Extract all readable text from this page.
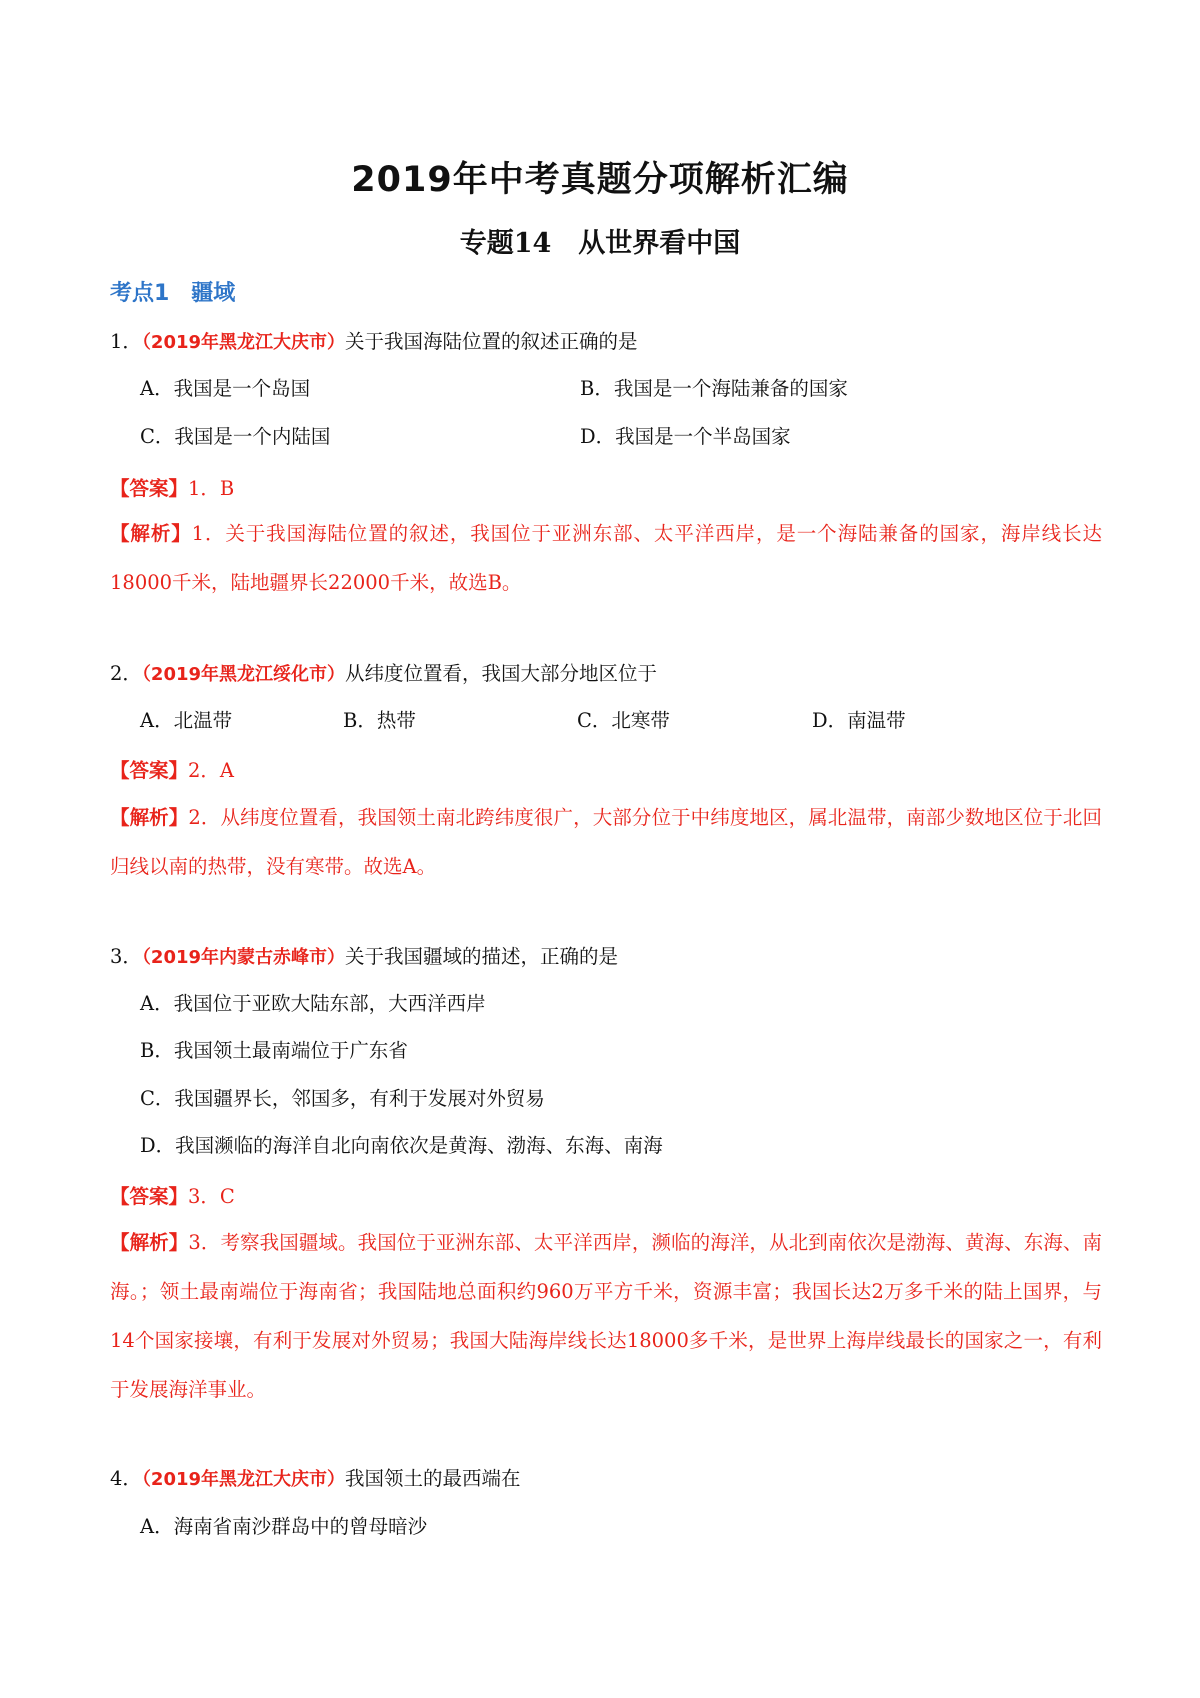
2019年中考真题分项解析汇编
专题14　从世界看中国
考点1　疆域
1．（2019年黑龙江大庆市）关于我国海陆位置的叙述正确的是
A．我国是一个岛国	B．我国是一个海陆兼备的国家
C．我国是一个内陆国	D．我国是一个半岛国家
【答案】1．B

【解析】1．关于我国海陆位置的叙述，我国位于亚洲东部、太平洋西岸，是一个海陆兼备的国家，海岸线长达18000千米，陆地疆界长22000千米，故选B。

2．（2019年黑龙江绥化市）从纬度位置看，我国大部分地区位于
A．北温带	B．热带	C．北寒带	D．南温带
【答案】2．A

【解析】2．从纬度位置看，我国领土南北跨纬度很广，大部分位于中纬度地区，属北温带，南部少数地区位于北回归线以南的热带，没有寒带。故选A。

3．（2019年内蒙古赤峰市）关于我国疆域的描述，正确的是
A．我国位于亚欧大陆东部，大西洋西岸
B．我国领土最南端位于广东省
C．我国疆界长，邻国多，有利于发展对外贸易
D．我国濒临的海洋自北向南依次是黄海、渤海、东海、南海
【答案】3．C

【解析】3．考察我国疆域。我国位于亚洲东部、太平洋西岸，濒临的海洋，从北到南依次是渤海、黄海、东海、南海。；领土最南端位于海南省；我国陆地总面积约960万平方千米，资源丰富；我国长达2万多千米的陆上国界，与14个国家接壤，有利于发展对外贸易；我国大陆海岸线长达18000多千米，是世界上海岸线最长的国家之一，有利于发展海洋事业。

4．（2019年黑龙江大庆市）我国领土的最西端在
A．海南省南沙群岛中的曾母暗沙
